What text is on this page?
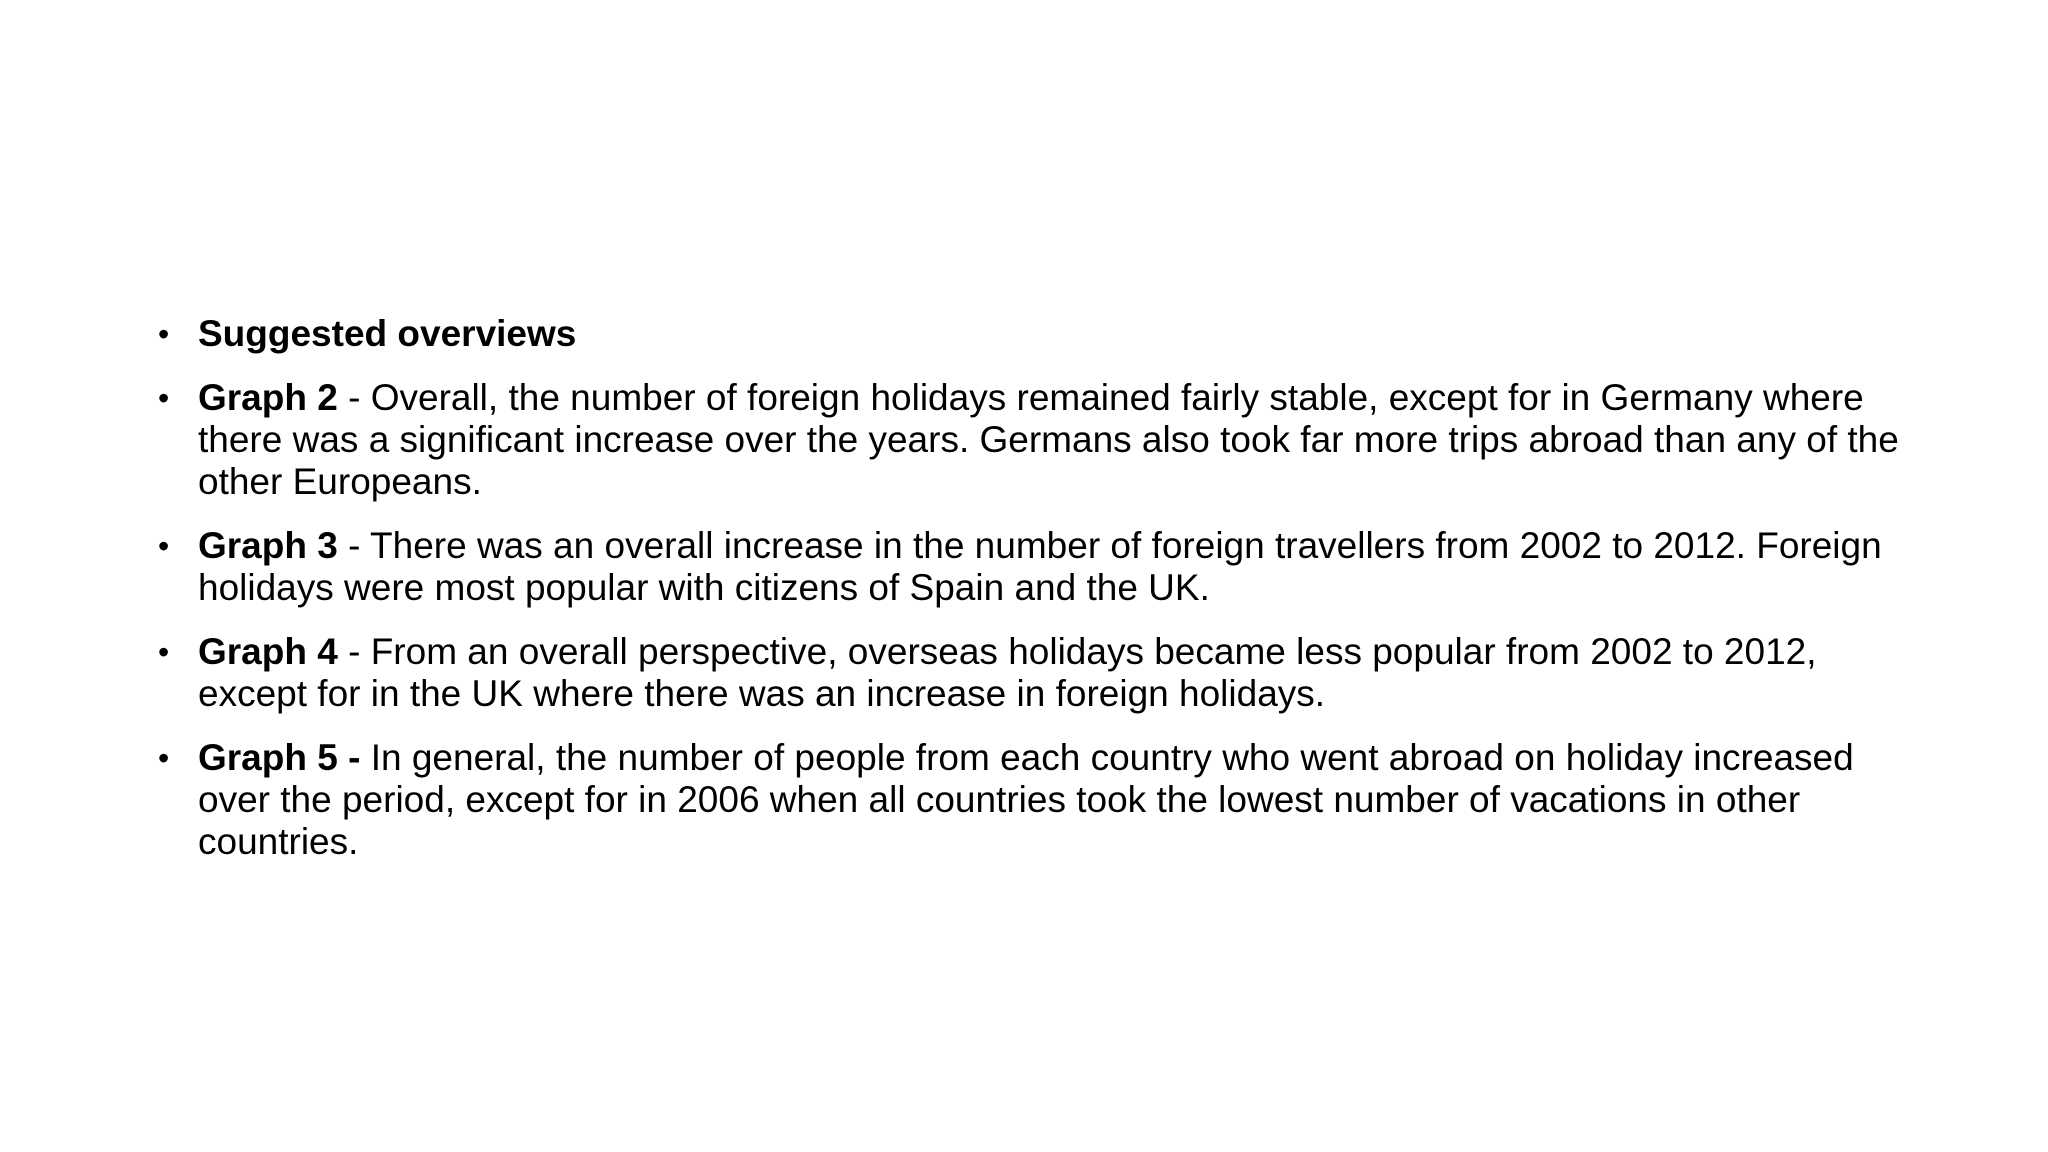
• Suggested overviews
• Graph 2 - Overall, the number of foreign holidays remained fairly stable, except for in Germany where there was a significant increase over the years. Germans also took far more trips abroad than any of the other Europeans.
• Graph 3 - There was an overall increase in the number of foreign travellers from 2002 to 2012. Foreign holidays were most popular with citizens of Spain and the UK.
• Graph 4 - From an overall perspective, overseas holidays became less popular from 2002 to 2012, except for in the UK where there was an increase in foreign holidays.
• Graph 5 - In general, the number of people from each country who went abroad on holiday increased over the period, except for in 2006 when all countries took the lowest number of vacations in other countries.
